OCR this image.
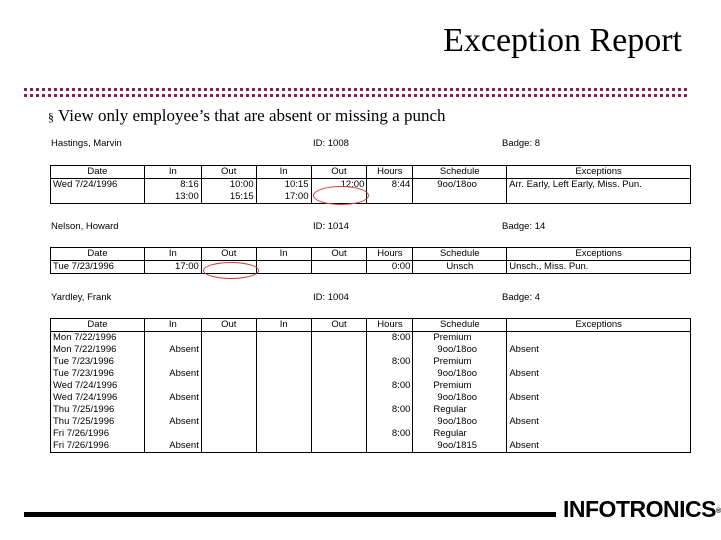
Exception Report
§ View only employee’s that are absent or missing a punch
Hastings, Marvin	ID: 1008	Badge: 8
Date	In	Out	In	Out	Hours	Schedule	Exceptions
Wed 7/24/1996	8:16	10:00	10:15	12:00	8:44	9oo/18oo	Arr. Early, Left Early, Miss. Pun.
	13:00	15:15	17:00				
Nelson, Howard	ID: 1014	Badge: 14
Date	In	Out	In	Out	Hours	Schedule	Exceptions
Tue 7/23/1996	17:00				0:00	Unsch	Unsch., Miss. Pun.
Yardley, Frank	ID: 1004	Badge: 4
Date	In	Out	In	Out	Hours	Schedule	Exceptions
Mon 7/22/1996					8:00	Premium	
Mon 7/22/1996	Absent					9oo/18oo	Absent
Tue 7/23/1996					8:00	Premium	
Tue 7/23/1996	Absent					9oo/18oo	Absent
Wed 7/24/1996					8:00	Premium	
Wed 7/24/1996	Absent					9oo/18oo	Absent
Thu 7/25/1996					8:00	Regular	
Thu 7/25/1996	Absent					9oo/18oo	Absent
Fri 7/26/1996					8:00	Regular	
Fri 7/26/1996	Absent					9oo/1815	Absent
INFOTRONICS®
